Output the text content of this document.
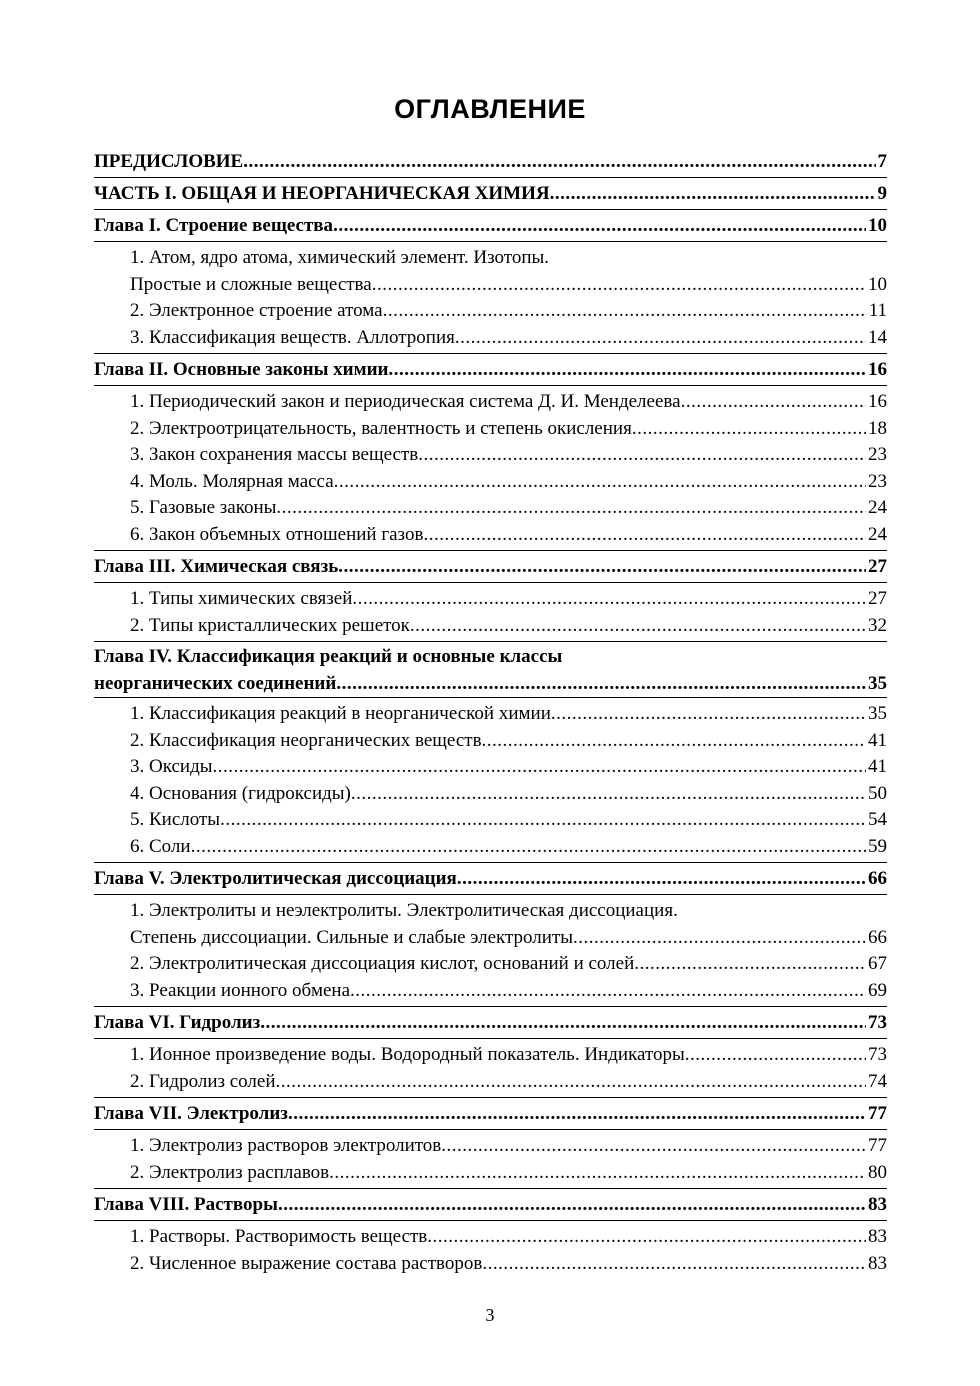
ОГЛАВЛЕНИЕ
ПРЕДИСЛОВИЕ .....	7
ЧАСТЬ I. ОБЩАЯ И НЕОРГАНИЧЕСКАЯ ХИМИЯ .....	9
Глава I. Строение вещества .....	10
1. Атом, ядро атома, химический элемент. Изотопы.
Простые и сложные вещества .....	10
2. Электронное строение атома .....	11
3. Классификация веществ. Аллотропия .....	14
Глава II. Основные законы химии .....	16
1. Периодический закон и периодическая система Д. И. Менделеева .....	16
2. Электроотрицательность, валентность и степень окисления .....	18
3. Закон сохранения массы веществ .....	23
4. Моль. Молярная масса .....	23
5. Газовые законы .....	24
6. Закон объемных отношений газов .....	24
Глава III. Химическая связь .....	27
1. Типы химических связей .....	27
2. Типы кристаллических решеток .....	32
Глава IV. Классификация реакций и основные классы
неорганических соединений .....	35
1. Классификация реакций в неорганической химии .....	35
2. Классификация неорганических веществ .....	41
3. Оксиды .....	41
4. Основания (гидроксиды) .....	50
5. Кислоты .....	54
6. Соли .....	59
Глава V. Электролитическая диссоциация .....	66
1. Электролиты и неэлектролиты. Электролитическая диссоциация.
Степень диссоциации. Сильные и слабые электролиты .....	66
2. Электролитическая диссоциация кислот, оснований и солей .....	67
3. Реакции ионного обмена .....	69
Глава VI. Гидролиз .....	73
1. Ионное произведение воды. Водородный показатель. Индикаторы .....	73
2. Гидролиз солей .....	74
Глава VII. Электролиз .....	77
1. Электролиз растворов электролитов .....	77
2. Электролиз расплавов .....	80
Глава VIII. Растворы .....	83
1. Растворы. Растворимость веществ .....	83
2. Численное выражение состава растворов .....	83
3
